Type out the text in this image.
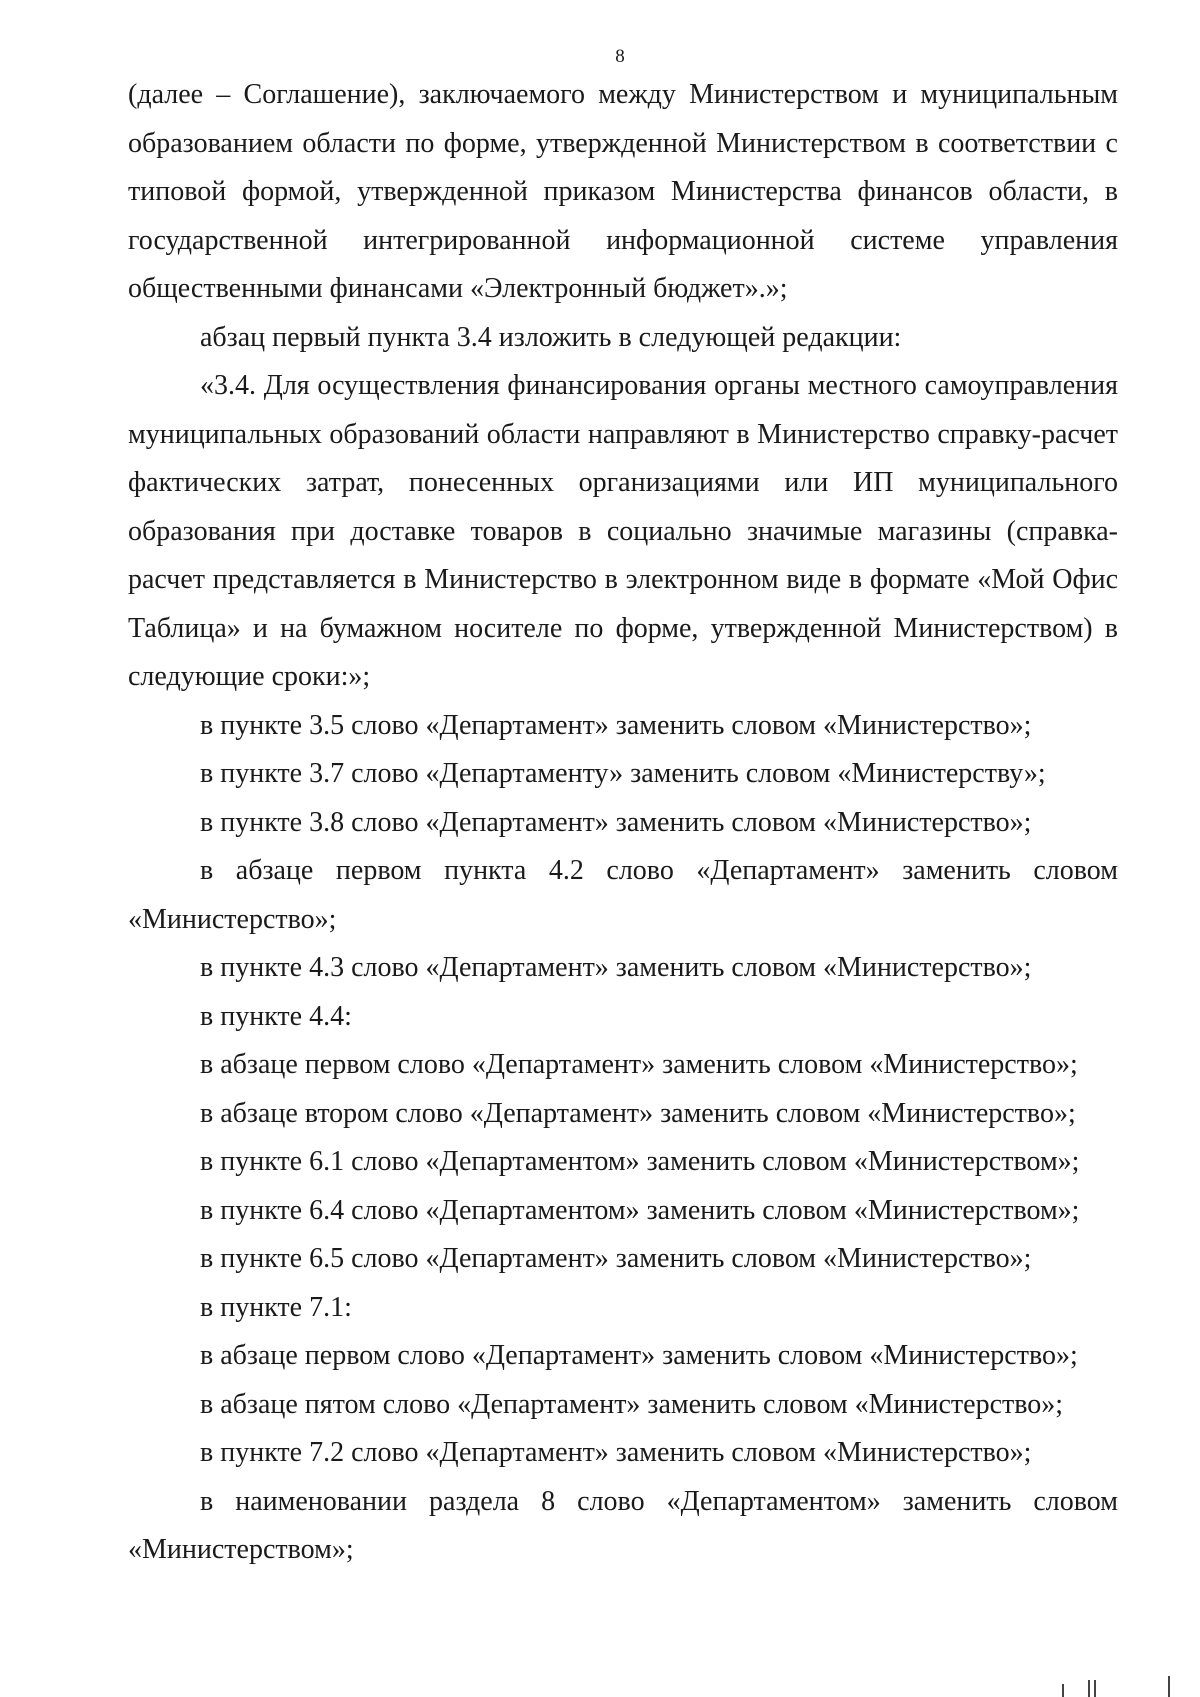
8

(далее – Соглашение), заключаемого между Министерством и муниципальным образованием области по форме, утвержденной Министерством в соответствии с типовой формой, утвержденной приказом Министерства финансов области, в государственной интегрированной информационной системе управления общественными финансами «Электронный бюджет».»;

абзац первый пункта 3.4 изложить в следующей редакции:

«3.4. Для осуществления финансирования органы местного самоуправления муниципальных образований области направляют в Министерство справку-расчет фактических затрат, понесенных организациями или ИП муниципального образования при доставке товаров в социально значимые магазины (справка-расчет представляется в Министерство в электронном виде в формате «Мой Офис Таблица» и на бумажном носителе по форме, утвержденной Министерством) в следующие сроки:»;

в пункте 3.5 слово «Департамент» заменить словом «Министерство»;

в пункте 3.7 слово «Департаменту» заменить словом «Министерству»;

в пункте 3.8 слово «Департамент» заменить словом «Министерство»;

в абзаце первом пункта 4.2 слово «Департамент» заменить словом «Министерство»;

в пункте 4.3 слово «Департамент» заменить словом «Министерство»;

в пункте 4.4:

в абзаце первом слово «Департамент» заменить словом «Министерство»;

в абзаце втором слово «Департамент» заменить словом «Министерство»;

в пункте 6.1 слово «Департаментом» заменить словом «Министерством»;

в пункте 6.4 слово «Департаментом» заменить словом «Министерством»;

в пункте 6.5 слово «Департамент» заменить словом «Министерство»;

в пункте 7.1:

в абзаце первом слово «Департамент» заменить словом «Министерство»;

в абзаце пятом слово «Департамент» заменить словом «Министерство»;

в пункте 7.2 слово «Департамент» заменить словом «Министерство»;

в наименовании раздела 8 слово «Департаментом» заменить словом «Министерством»;
